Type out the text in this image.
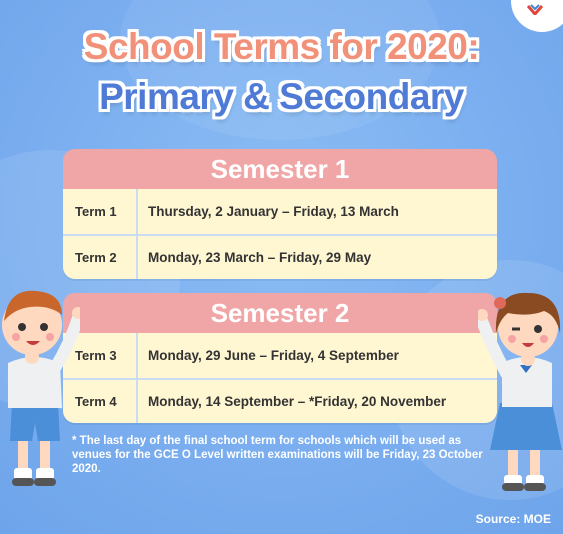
School Terms for 2020:
Primary & Secondary
Semester 1
Term 1	Thursday, 2 January – Friday, 13 March
Term 2	Monday, 23 March – Friday, 29 May
Semester 2
Term 3	Monday, 29 June – Friday, 4 September
Term 4	Monday, 14 September – *Friday, 20 November
* The last day of the final school term for schools which will be used as venues for the GCE O Level written examinations will be Friday, 23 October 2020.
Source: MOE
